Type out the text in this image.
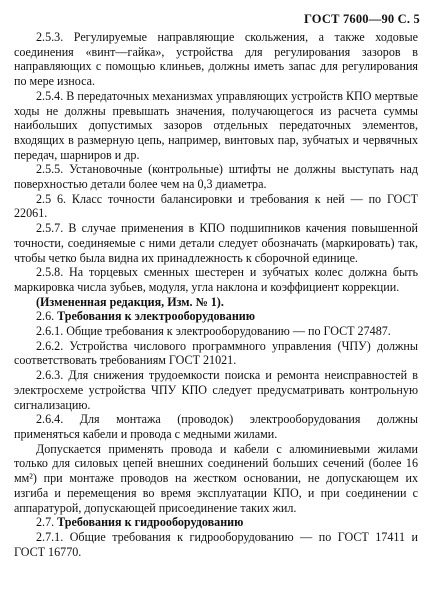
ГОСТ 7600—90 С. 5

2.5.3. Регулируемые направляющие скольжения, а также ходовые соединения «винт—гайка», устройства для регулирования зазоров в направляющих с помощью клиньев, должны иметь запас для регулирования по мере износа.

2.5.4. В передаточных механизмах управляющих устройств КПО мертвые ходы не должны превышать значения, получающегося из расчета суммы наибольших допустимых зазоров отдельных передаточных элементов, входящих в размерную цепь, например, винтовых пар, зубчатых и червячных передач, шарниров и др.

2.5.5. Установочные (контрольные) штифты не должны выступать над поверхностью детали более чем на 0,3 диаметра.

2.5 6. Класс точности балансировки и требования к ней — по ГОСТ 22061.

2.5.7. В случае применения в КПО подшипников качения повышенной точности, соединяемые с ними детали следует обозначать (маркировать) так, чтобы четко была видна их принадлежность к сборочной единице.

2.5.8. На торцевых сменных шестерен и зубчатых колес должна быть маркировка числа зубьев, модуля, угла наклона и коэффициент коррекции.

(Измененная редакция, Изм. № 1).

2.6. Требования к электрооборудованию

2.6.1. Общие требования к электрооборудованию — по ГОСТ 27487.

2.6.2. Устройства числового программного управления (ЧПУ) должны соответствовать требованиям ГОСТ 21021.

2.6.3. Для снижения трудоемкости поиска и ремонта неисправностей в электросхеме устройства ЧПУ КПО следует предусматривать контрольную сигнализацию.

2.6.4. Для монтажа (проводок) электрооборудования должны применяться кабели и провода с медными жилами.

Допускается применять провода и кабели с алюминиевыми жилами только для силовых цепей внешних соединений больших сечений (более 16 мм²) при монтаже проводов на жестком основании, не допускающем их изгиба и перемещения во время эксплуатации КПО, и при соединении с аппаратурой, допускающей присоединение таких жил.

2.7. Требования к гидрооборудованию

2.7.1. Общие требования к гидрооборудованию — по ГОСТ 17411 и ГОСТ 16770.
